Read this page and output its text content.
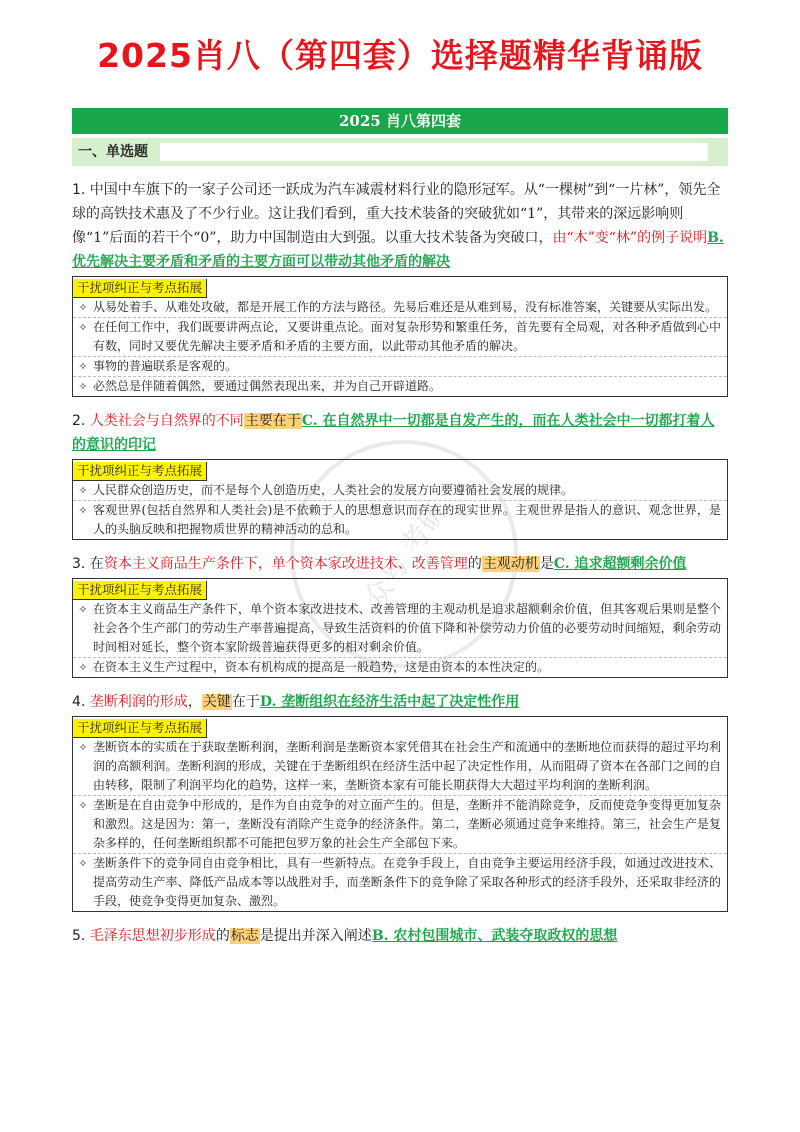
2025肖八（第四套）选择题精华背诵版
2025 肖八第四套
一、单选题
众号 考研

1. 中国中车旗下的一家子公司还一跃成为汽车减震材料行业的隐形冠军。从“一棵树”到“一片林”，领先全球的高铁技术惠及了不少行业。这让我们看到，重大技术装备的突破犹如“1”，其带来的深远影响则像“1”后面的若干个“0”，助力中国制造由大到强。以重大技术装备为突破口，由“木”变“林”的例子说明B. 优先解决主要矛盾和矛盾的主要方面可以带动其他矛盾的解决

干扰项纠正与考点拓展
✧ 从易处着手、从难处攻破，都是开展工作的方法与路径。先易后难还是从难到易，没有标准答案，关键要从实际出发。
✧ 在任何工作中，我们既要讲两点论，又要讲重点论。面对复杂形势和繁重任务，首先要有全局观，对各种矛盾做到心中有数，同时又要优先解决主要矛盾和矛盾的主要方面，以此带动其他矛盾的解决。
✧ 事物的普遍联系是客观的。
✧ 必然总是伴随着偶然，要通过偶然表现出来，并为自己开辟道路。

2. 人类社会与自然界的不同主要在于C. 在自然界中一切都是自发产生的，而在人类社会中一切都打着人的意识的印记

干扰项纠正与考点拓展
✧ 人民群众创造历史，而不是每个人创造历史，人类社会的发展方向要遵循社会发展的规律。
✧ 客观世界(包括自然界和人类社会)是不依赖于人的思想意识而存在的现实世界。主观世界是指人的意识、观念世界，是人的头脑反映和把握物质世界的精神活动的总和。

3. 在资本主义商品生产条件下，单个资本家改进技术、改善管理的主观动机是C. 追求超额剩余价值

干扰项纠正与考点拓展
✧ 在资本主义商品生产条件下，单个资本家改进技术、改善管理的主观动机是追求超额剩余价值，但其客观后果则是整个社会各个生产部门的劳动生产率普遍提高，导致生活资料的价值下降和补偿劳动力价值的必要劳动时间缩短，剩余劳动时间相对延长，整个资本家阶级普遍获得更多的相对剩余价值。
✧ 在资本主义生产过程中，资本有机构成的提高是一般趋势，这是由资本的本性决定的。

4. 垄断利润的形成，关键在于D. 垄断组织在经济生活中起了决定性作用

干扰项纠正与考点拓展
✧ 垄断资本的实质在于获取垄断利润，垄断利润是垄断资本家凭借其在社会生产和流通中的垄断地位而获得的超过平均利润的高额利润。垄断利润的形成，关键在于垄断组织在经济生活中起了决定性作用，从而阻碍了资本在各部门之间的自由转移，限制了利润平均化的趋势，这样一来，垄断资本家有可能长期获得大大超过平均利润的垄断利润。
✧ 垄断是在自由竞争中形成的，是作为自由竞争的对立面产生的。但是，垄断并不能消除竞争，反而使竞争变得更加复杂和激烈。这是因为：第一，垄断没有消除产生竞争的经济条件。第二，垄断必须通过竞争来维持。第三，社会生产是复杂多样的，任何垄断组织都不可能把包罗万象的社会生产全部包下来。
✧ 垄断条件下的竞争同自由竞争相比，具有一些新特点。在竞争手段上，自由竞争主要运用经济手段，如通过改进技术、提高劳动生产率、降低产品成本等以战胜对手，而垄断条件下的竞争除了采取各种形式的经济手段外，还采取非经济的手段，使竞争变得更加复杂、激烈。

5. 毛泽东思想初步形成的标志是提出并深入阐述B. 农村包围城市、武装夺取政权的思想
